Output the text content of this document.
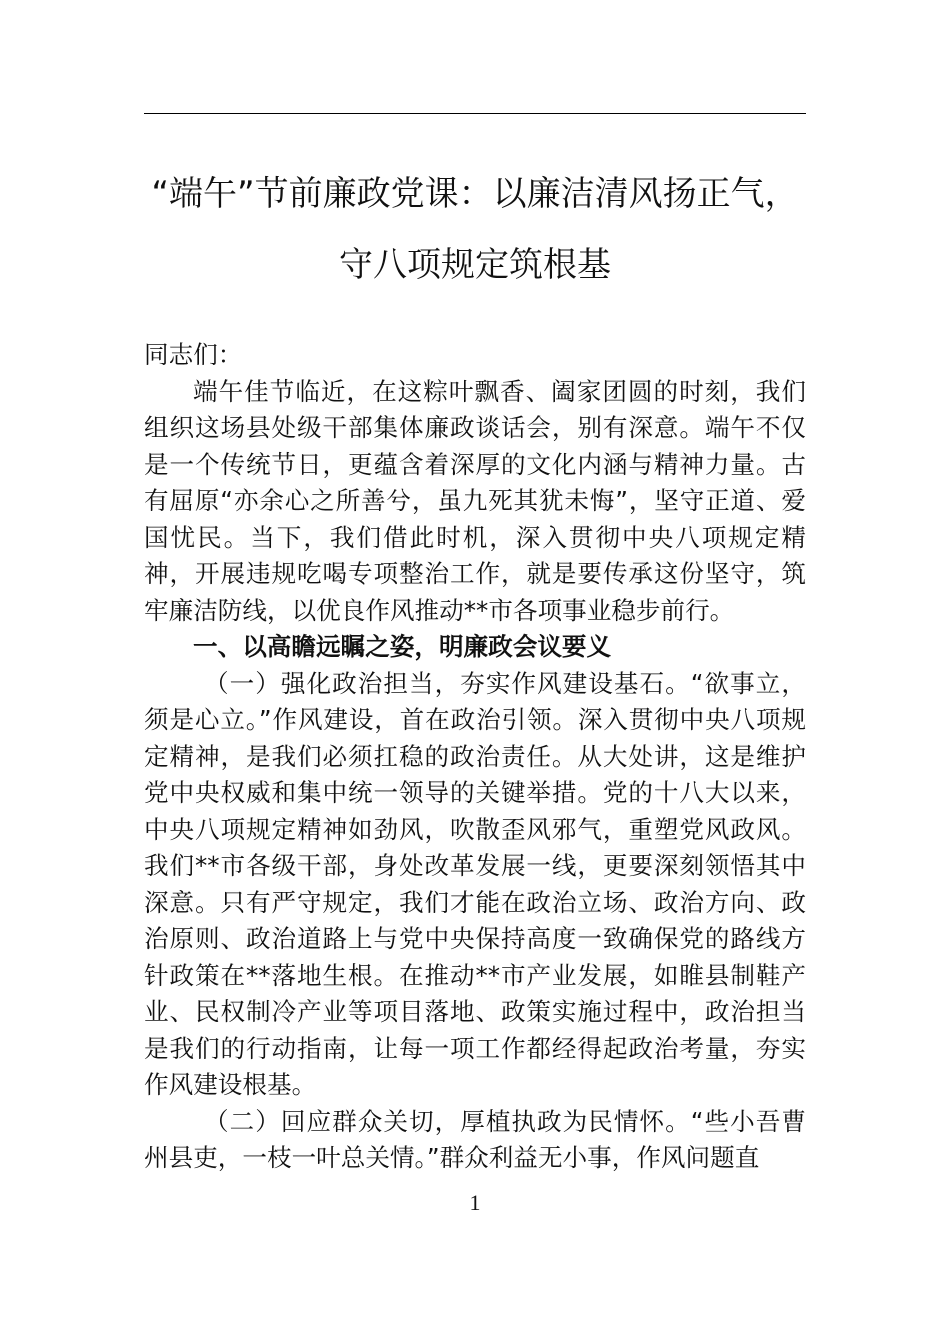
“端午”节前廉政党课：以廉洁清风扬正气，
守八项规定筑根基

同志们：

端午佳节临近，在这粽叶飘香、阖家团圆的时刻，我们组织这场县处级干部集体廉政谈话会，别有深意。端午不仅是一个传统节日，更蕴含着深厚的文化内涵与精神力量。古有屈原“亦余心之所善兮，虽九死其犹未悔”，坚守正道、爱国忧民。当下，我们借此时机，深入贯彻中央八项规定精神，开展违规吃喝专项整治工作，就是要传承这份坚守，筑牢廉洁防线，以优良作风推动**市各项事业稳步前行。

一、以高瞻远瞩之姿，明廉政会议要义

（一）强化政治担当，夯实作风建设基石。“欲事立，须是心立。”作风建设，首在政治引领。深入贯彻中央八项规定精神，是我们必须扛稳的政治责任。从大处讲，这是维护党中央权威和集中统一领导的关键举措。党的十八大以来，中央八项规定精神如劲风，吹散歪风邪气，重塑党风政风。我们**市各级干部，身处改革发展一线，更要深刻领悟其中深意。只有严守规定，我们才能在政治立场、政治方向、政治原则、政治道路上与党中央保持高度一致确保党的路线方针政策在**落地生根。在推动**市产业发展，如睢县制鞋产业、民权制冷产业等项目落地、政策实施过程中，政治担当是我们的行动指南，让每一项工作都经得起政治考量，夯实作风建设根基。

（二）回应群众关切，厚植执政为民情怀。“些小吾曹州县吏，一枝一叶总关情。”群众利益无小事，作风问题直

1
